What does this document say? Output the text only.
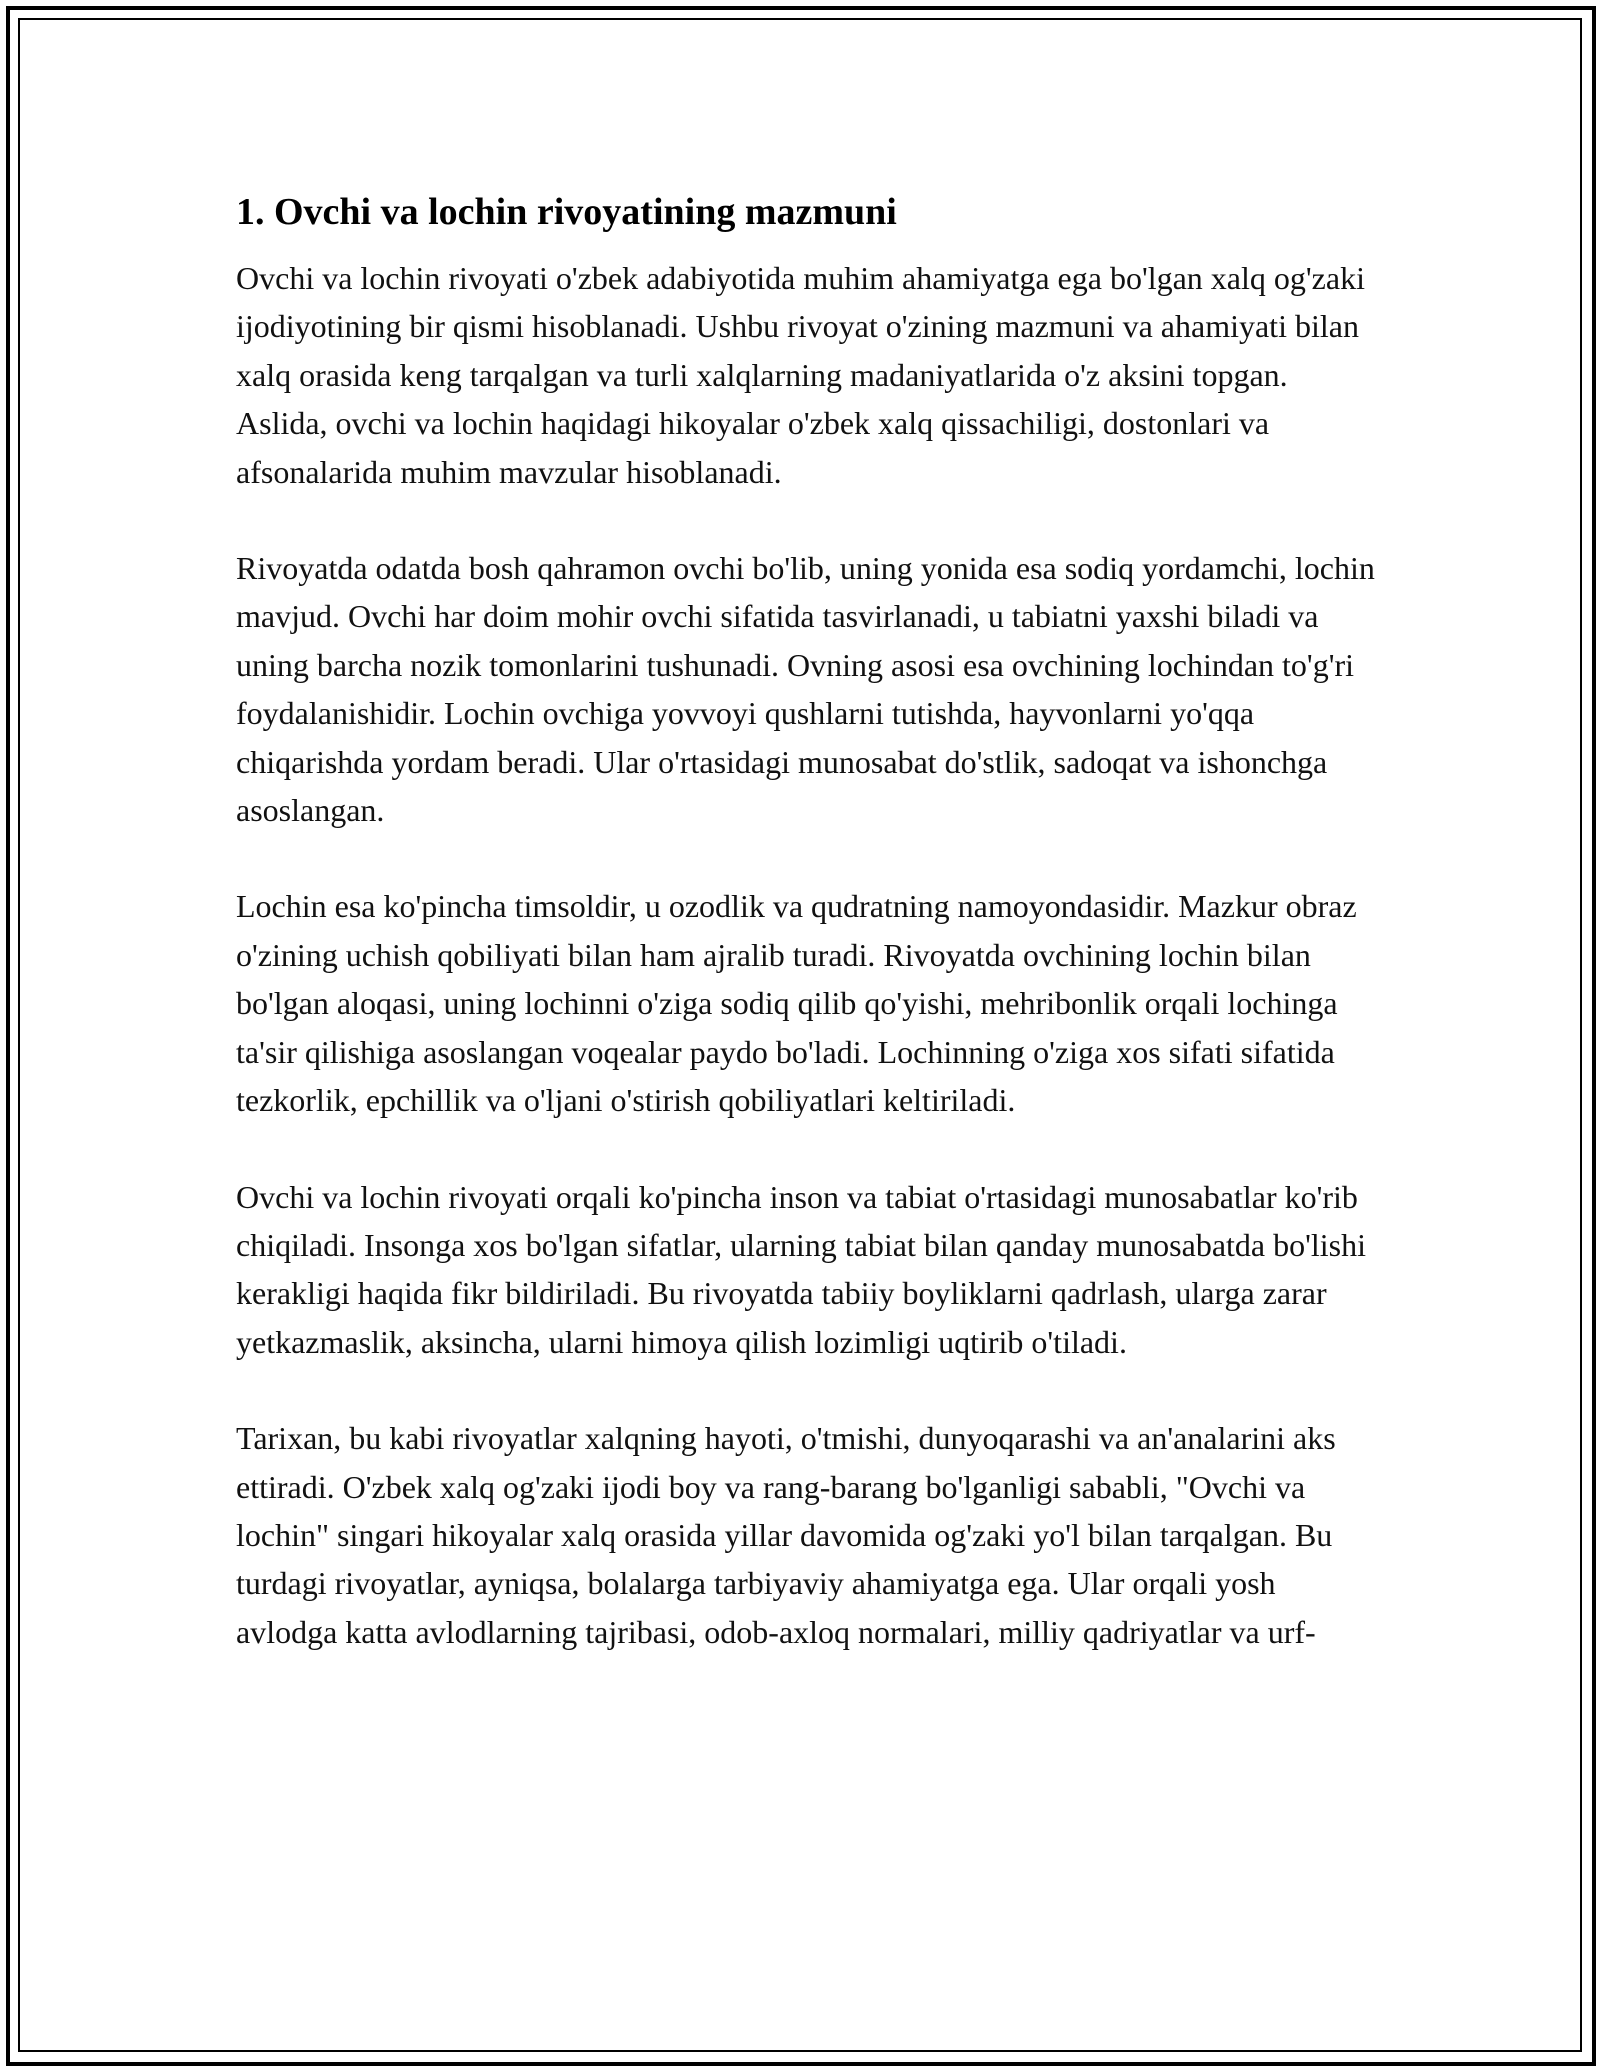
1. Ovchi va lochin rivoyatining mazmuni

Ovchi va lochin rivoyati o'zbek adabiyotida muhim ahamiyatga ega bo'lgan xalq og'zaki ijodiyotining bir qismi hisoblanadi. Ushbu rivoyat o'zining mazmuni va ahamiyati bilan xalq orasida keng tarqalgan va turli xalqlarning madaniyatlarida o'z aksini topgan. Aslida, ovchi va lochin haqidagi hikoyalar o'zbek xalq qissachiligi, dostonlari va afsonalarida muhim mavzular hisoblanadi.

Rivoyatda odatda bosh qahramon ovchi bo'lib, uning yonida esa sodiq yordamchi, lochin mavjud. Ovchi har doim mohir ovchi sifatida tasvirlanadi, u tabiatni yaxshi biladi va uning barcha nozik tomonlarini tushunadi. Ovning asosi esa ovchining lochindan to'g'ri foydalanishidir. Lochin ovchiga yovvoyi qushlarni tutishda, hayvonlarni yo'qqa chiqarishda yordam beradi. Ular o'rtasidagi munosabat do'stlik, sadoqat va ishonchga asoslangan.

Lochin esa ko'pincha timsoldir, u ozodlik va qudratning namoyondasidir. Mazkur obraz o'zining uchish qobiliyati bilan ham ajralib turadi. Rivoyatda ovchining lochin bilan bo'lgan aloqasi, uning lochinni o'ziga sodiq qilib qo'yishi, mehribonlik orqali lochinga ta'sir qilishiga asoslangan voqealar paydo bo'ladi. Lochinning o'ziga xos sifati sifatida tezkorlik, epchillik va o'ljani o'stirish qobiliyatlari keltiriladi.

Ovchi va lochin rivoyati orqali ko'pincha inson va tabiat o'rtasidagi munosabatlar ko'rib chiqiladi. Insonga xos bo'lgan sifatlar, ularning tabiat bilan qanday munosabatda bo'lishi kerakligi haqida fikr bildiriladi. Bu rivoyatda tabiiy boyliklarni qadrlash, ularga zarar yetkazmaslik, aksincha, ularni himoya qilish lozimligi uqtirib o'tiladi.

Tarixan, bu kabi rivoyatlar xalqning hayoti, o'tmishi, dunyoqarashi va an'analarini aks ettiradi. O'zbek xalq og'zaki ijodi boy va rang-barang bo'lganligi sababli, "Ovchi va lochin" singari hikoyalar xalq orasida yillar davomida og'zaki yo'l bilan tarqalgan. Bu turdagi rivoyatlar, ayniqsa, bolalarga tarbiyaviy ahamiyatga ega. Ular orqali yosh avlodga katta avlodlarning tajribasi, odob-axloq normalari, milliy qadriyatlar va urf-
